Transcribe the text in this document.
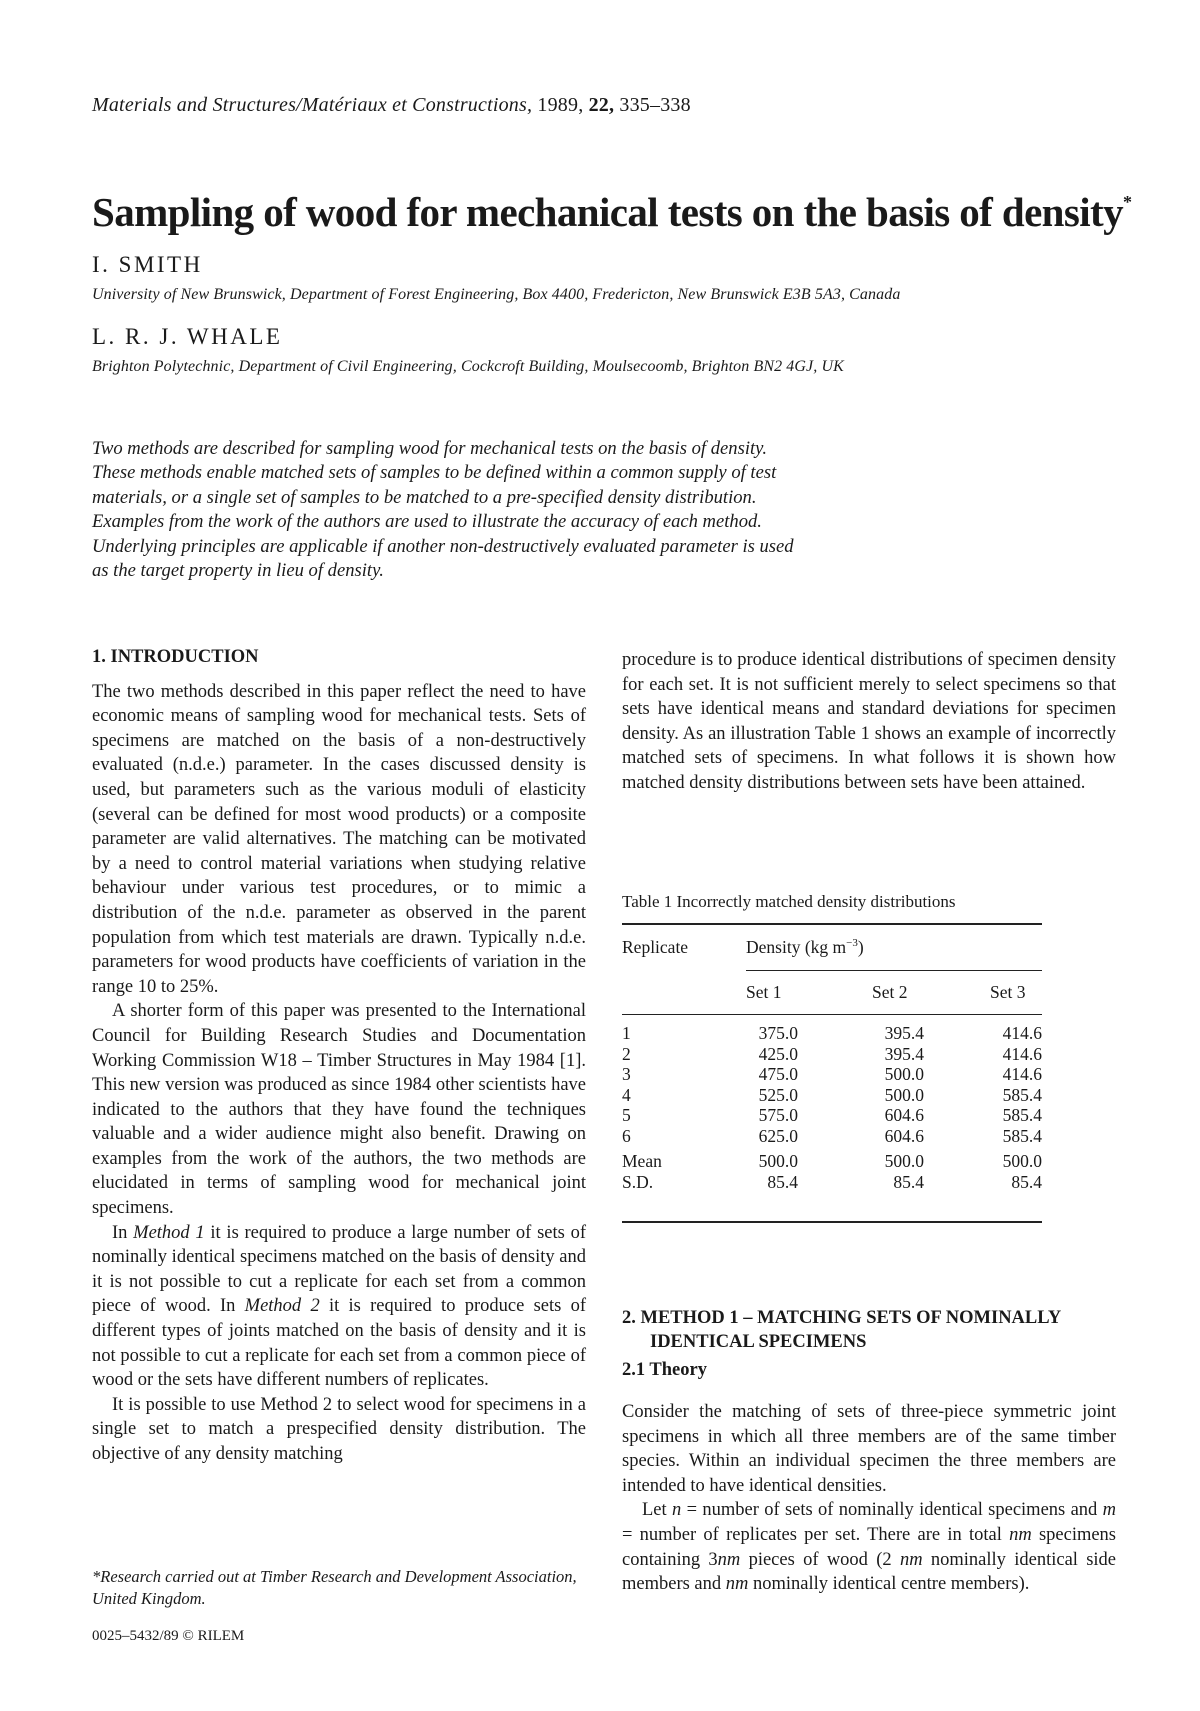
Materials and Structures/Matériaux et Constructions, 1989, 22, 335–338
Sampling of wood for mechanical tests on the basis of density*
I. SMITH
University of New Brunswick, Department of Forest Engineering, Box 4400, Fredericton, New Brunswick E3B 5A3, Canada
L. R. J. WHALE
Brighton Polytechnic, Department of Civil Engineering, Cockcroft Building, Moulsecoomb, Brighton BN2 4GJ, UK

Two methods are described for sampling wood for mechanical tests on the basis of density.

These methods enable matched sets of samples to be defined within a common supply of test

materials, or a single set of samples to be matched to a pre-specified density distribution.

Examples from the work of the authors are used to illustrate the accuracy of each method.

Underlying principles are applicable if another non-destructively evaluated parameter is used

as the target property in lieu of density.

1. INTRODUCTION

The two methods described in this paper reflect the need to have economic means of sampling wood for mechanical tests. Sets of specimens are matched on the basis of a non-destructively evaluated (n.d.e.) parameter. In the cases discussed density is used, but parameters such as the various moduli of elasticity (several can be defined for most wood products) or a composite parameter are valid alternatives. The matching can be motivated by a need to control material variations when studying relative behaviour under various test procedures, or to mimic a distribution of the n.d.e. parameter as observed in the parent population from which test materials are drawn. Typically n.d.e. parameters for wood products have coefficients of variation in the range 10 to 25%.

A shorter form of this paper was presented to the International Council for Building Research Studies and Documentation Working Commission W18 – Timber Structures in May 1984 [1]. This new version was produced as since 1984 other scientists have indicated to the authors that they have found the techniques valuable and a wider audience might also benefit. Drawing on examples from the work of the authors, the two methods are elucidated in terms of sampling wood for mechanical joint specimens.

In Method 1 it is required to produce a large number of sets of nominally identical specimens matched on the basis of density and it is not possible to cut a replicate for each set from a common piece of wood. In Method 2 it is required to produce sets of different types of joints matched on the basis of density and it is not possible to cut a replicate for each set from a common piece of wood or the sets have different numbers of replicates.

It is possible to use Method 2 to select wood for specimens in a single set to match a prespecified density distribution. The objective of any density matching

*Research carried out at Timber Research and Development Association, United Kingdom.
0025–5432/89 © RILEM

procedure is to produce identical distributions of specimen density for each set. It is not sufficient merely to select specimens so that sets have identical means and standard deviations for specimen density. As an illustration Table 1 shows an example of incorrectly matched sets of specimens. In what follows it is shown how matched density distributions between sets have been attained.

Table 1 Incorrectly matched density distributions
Replicate	Density (kg $m^{-3}$)
Set 1	Set 2	Set 3
1	375.0	395.4	414.6
2	425.0	395.4	414.6
3	475.0	500.0	414.6
4	525.0	500.0	585.4
5	575.0	604.6	585.4
6	625.0	604.6	585.4
Mean	500.0	500.0	500.0
S.D.	85.4	85.4	85.4
2. METHOD 1 – MATCHING SETS OF NOMINALLY
IDENTICAL SPECIMENS
2.1 Theory

Consider the matching of sets of three-piece symmetric joint specimens in which all three members are of the same timber species. Within an individual specimen the three members are intended to have identical densities.

Let n = number of sets of nominally identical specimens and m = number of replicates per set. There are in total nm specimens containing 3nm pieces of wood (2 nm nominally identical side members and nm nominally identical centre members).
